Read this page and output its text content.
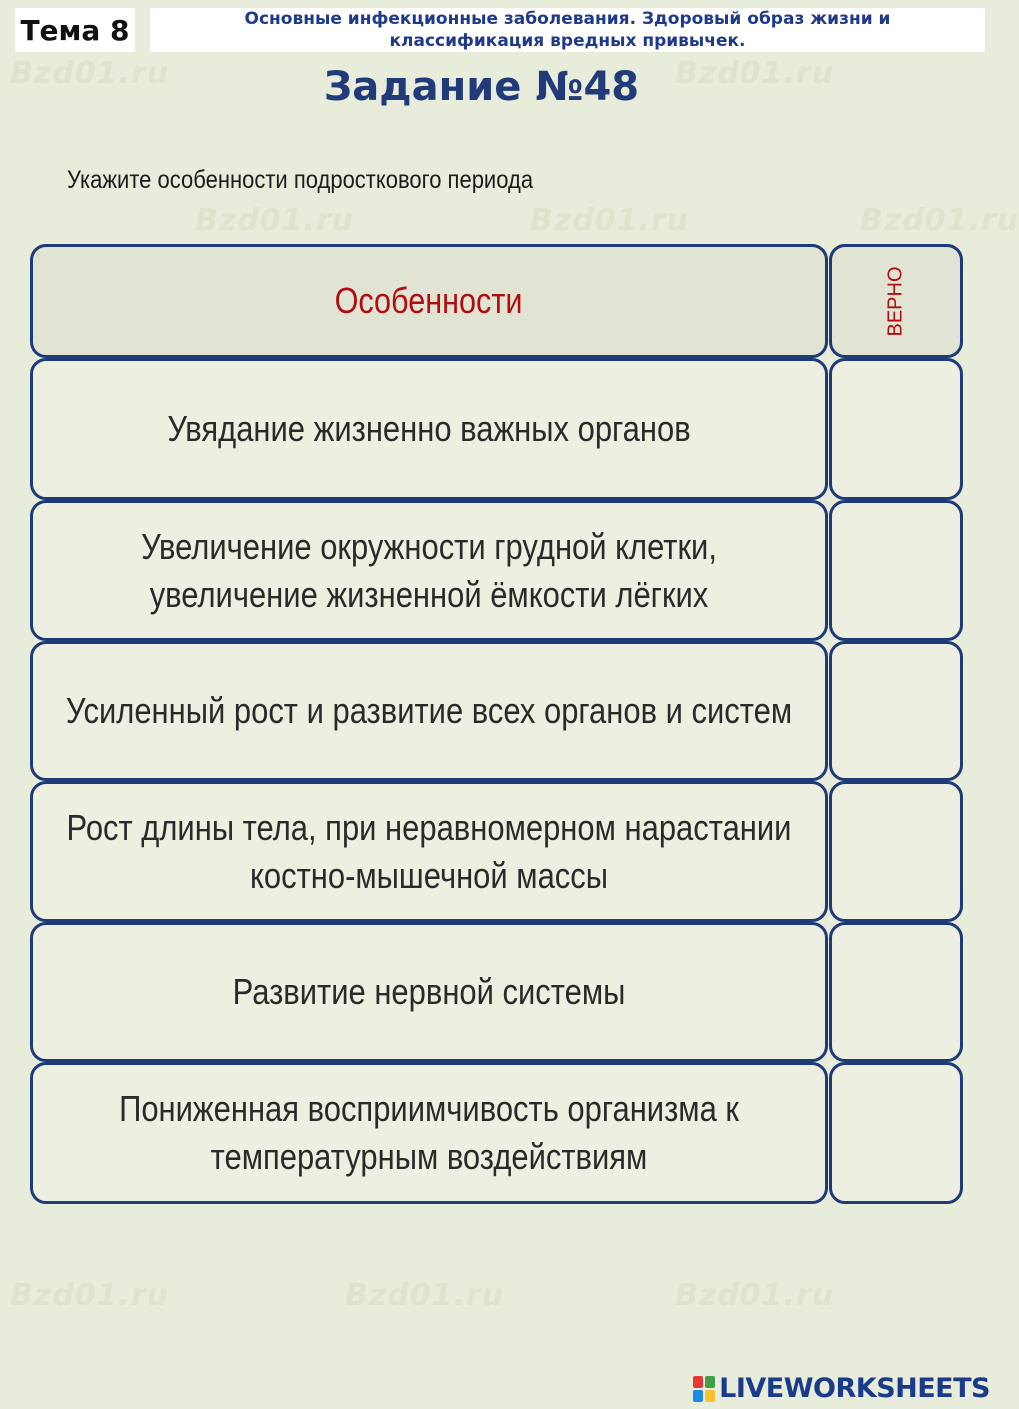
Bzd01.ru	Bzd01.ru
Bzd01.ru	Bzd01.ru	Bzd01.ru
Bzd01.ru	Bzd01.ru	Bzd01.ru
Тема 8	Основные инфекционные заболевания. Здоровый образ жизни и
классификация вредных привычек.
Задание №48
Укажите особенности подросткового периода
Особенности	ВЕРНО
Увядание жизненно важных органов
Увеличение окружности грудной клетки,
увеличение жизненной ёмкости лёгких
Усиленный рост и развитие всех органов и систем
Рост длины тела, при неравномерном нарастании
костно-мышечной массы
Развитие нервной системы
Пониженная восприимчивость организма к
температурным воздействиям
LIVEWORKSHEETS
